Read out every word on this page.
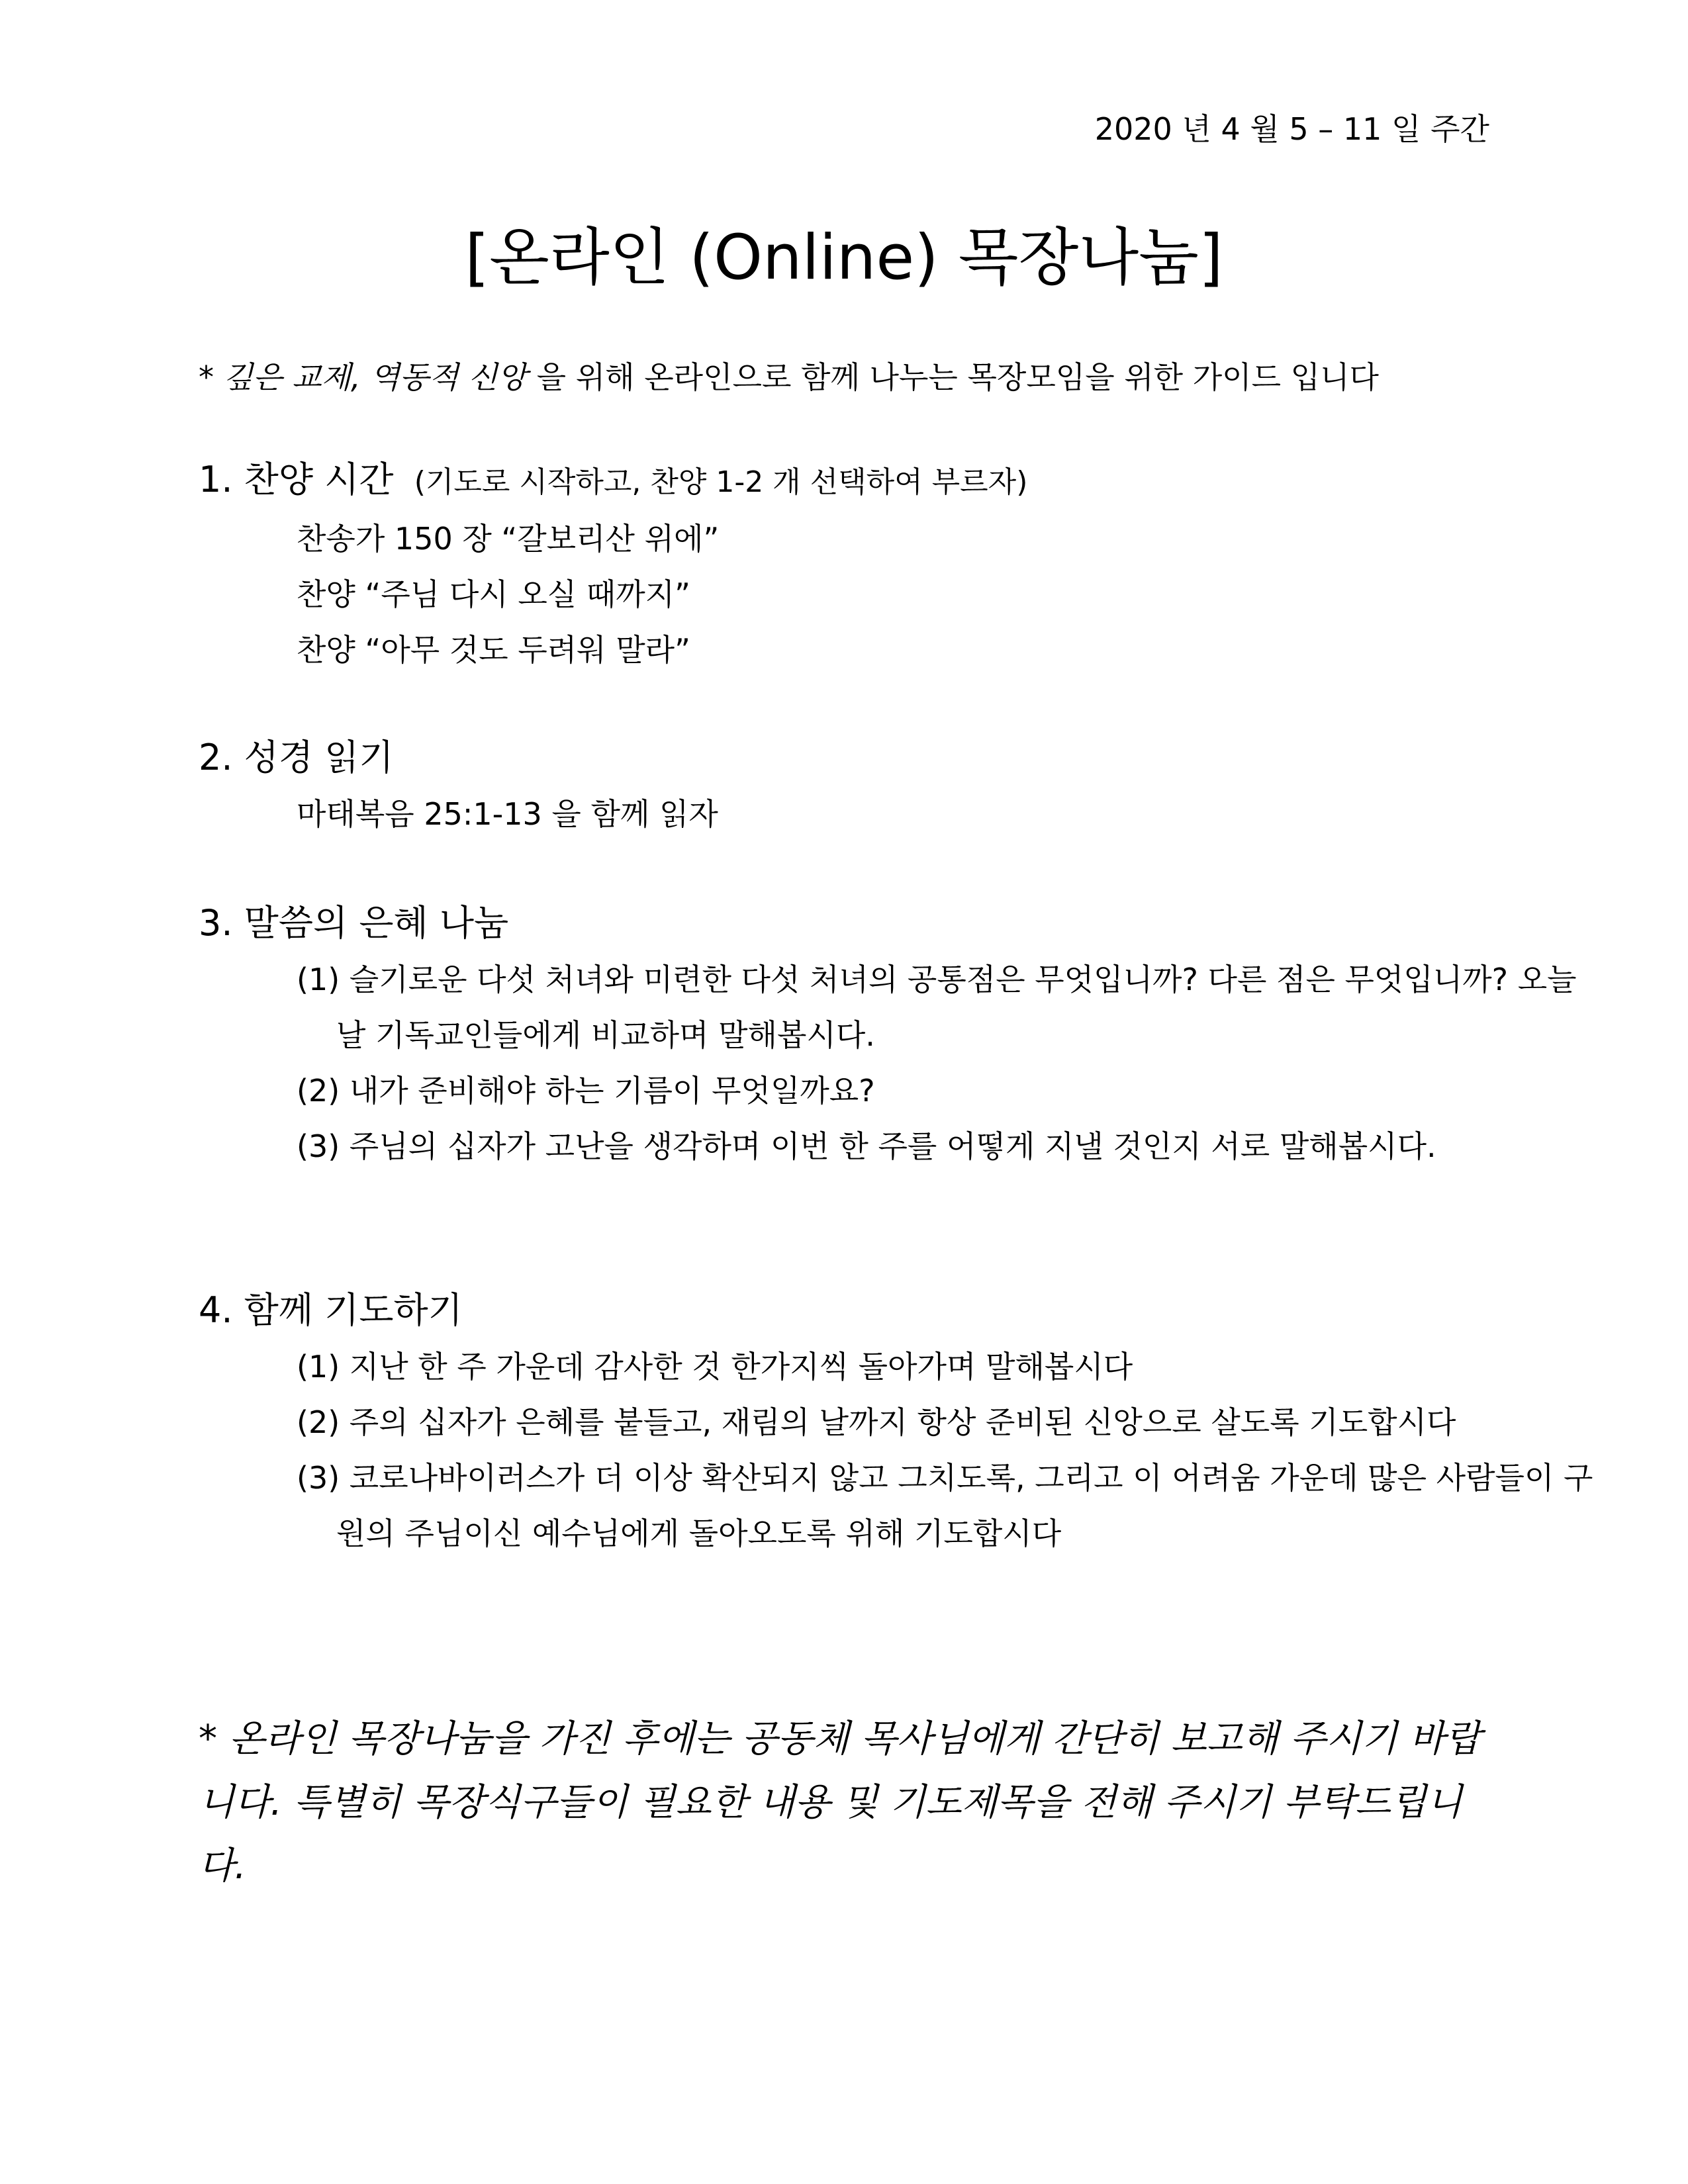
2020 년 4 월 5 – 11 일 주간
[온라인 (Online) 목장나눔]
* 깊은 교제, 역동적 신앙 을 위해 온라인으로 함께 나누는 목장모임을 위한 가이드 입니다
1. 찬양 시간 (기도로 시작하고, 찬양 1-2 개 선택하여 부르자)
찬송가 150 장 “갈보리산 위에”
찬양 “주님 다시 오실 때까지”
찬양 “아무 것도 두려워 말라”
2. 성경 읽기
마태복음 25:1-13 을 함께 읽자
3. 말씀의 은혜 나눔
(1) 슬기로운 다섯 처녀와 미련한 다섯 처녀의 공통점은 무엇입니까? 다른 점은 무엇입니까? 오늘날 기독교인들에게 비교하며 말해봅시다.
(2) 내가 준비해야 하는 기름이 무엇일까요?
(3) 주님의 십자가 고난을 생각하며 이번 한 주를 어떻게 지낼 것인지 서로 말해봅시다.
4. 함께 기도하기
(1) 지난 한 주 가운데 감사한 것 한가지씩 돌아가며 말해봅시다
(2) 주의 십자가 은혜를 붙들고, 재림의 날까지 항상 준비된 신앙으로 살도록 기도합시다
(3) 코로나바이러스가 더 이상 확산되지 않고 그치도록, 그리고 이 어려움 가운데 많은 사람들이 구원의 주님이신 예수님에게 돌아오도록 위해 기도합시다
* 온라인 목장나눔을 가진 후에는 공동체 목사님에게 간단히 보고해 주시기 바랍니다. 특별히 목장식구들이 필요한 내용 및 기도제목을 전해 주시기 부탁드립니다.
